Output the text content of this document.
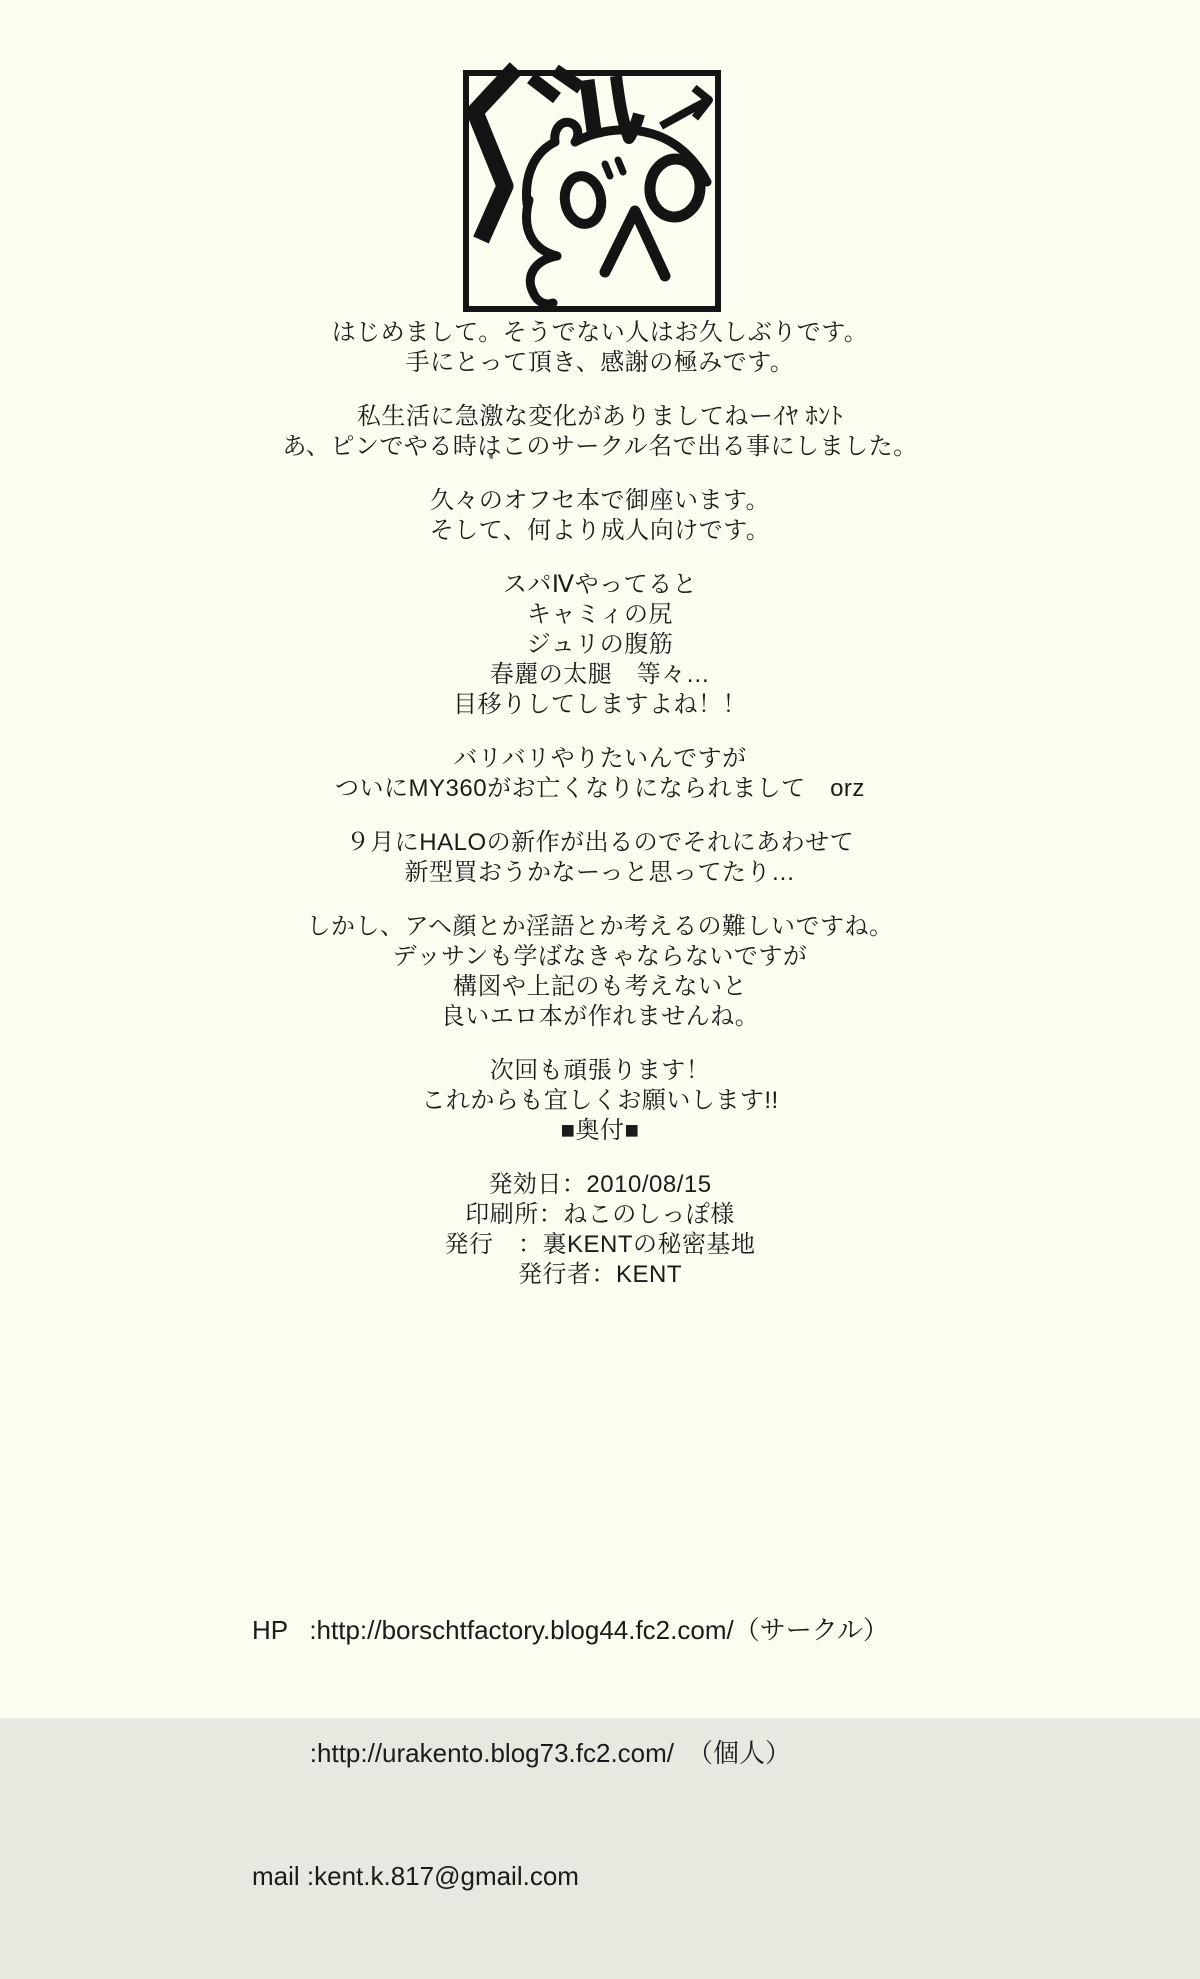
はじめまして。そうでない人はお久しぶりです。

手にとって頂き、感謝の極みです。

私生活に急激な変化がありましてねーｲﾔ ﾎﾝﾄ

あ、ピンでやる時はこのサークル名で出る事にしました。

久々のオフセ本で御座います。

そして、何より成人向けです。

スパⅣやってると

キャミィの尻

ジュリの腹筋

春麗の太腿　等々…

目移りしてしますよね！！

バリバリやりたいんですが

ついにMY360がお亡くなりになられまして　orz

９月にHALOの新作が出るのでそれにあわせて

新型買おうかなーっと思ってたり…

しかし、アヘ顔とか淫語とか考えるの難しいですね。

デッサンも学ばなきゃならないですが

構図や上記のも考えないと

良いエロ本が作れませんね。

次回も頑張ります！

これからも宜しくお願いします!!

■奥付■

発効日：2010/08/15

印刷所：ねこのしっぽ様

発行　：裏KENTの秘密基地

発行者：KENT

HP   :http://borschtfactory.blog44.fc2.com/（サークル）

:http://urakento.blog73.fc2.com/　（個人）

mail :kent.k.817@gmail.com
